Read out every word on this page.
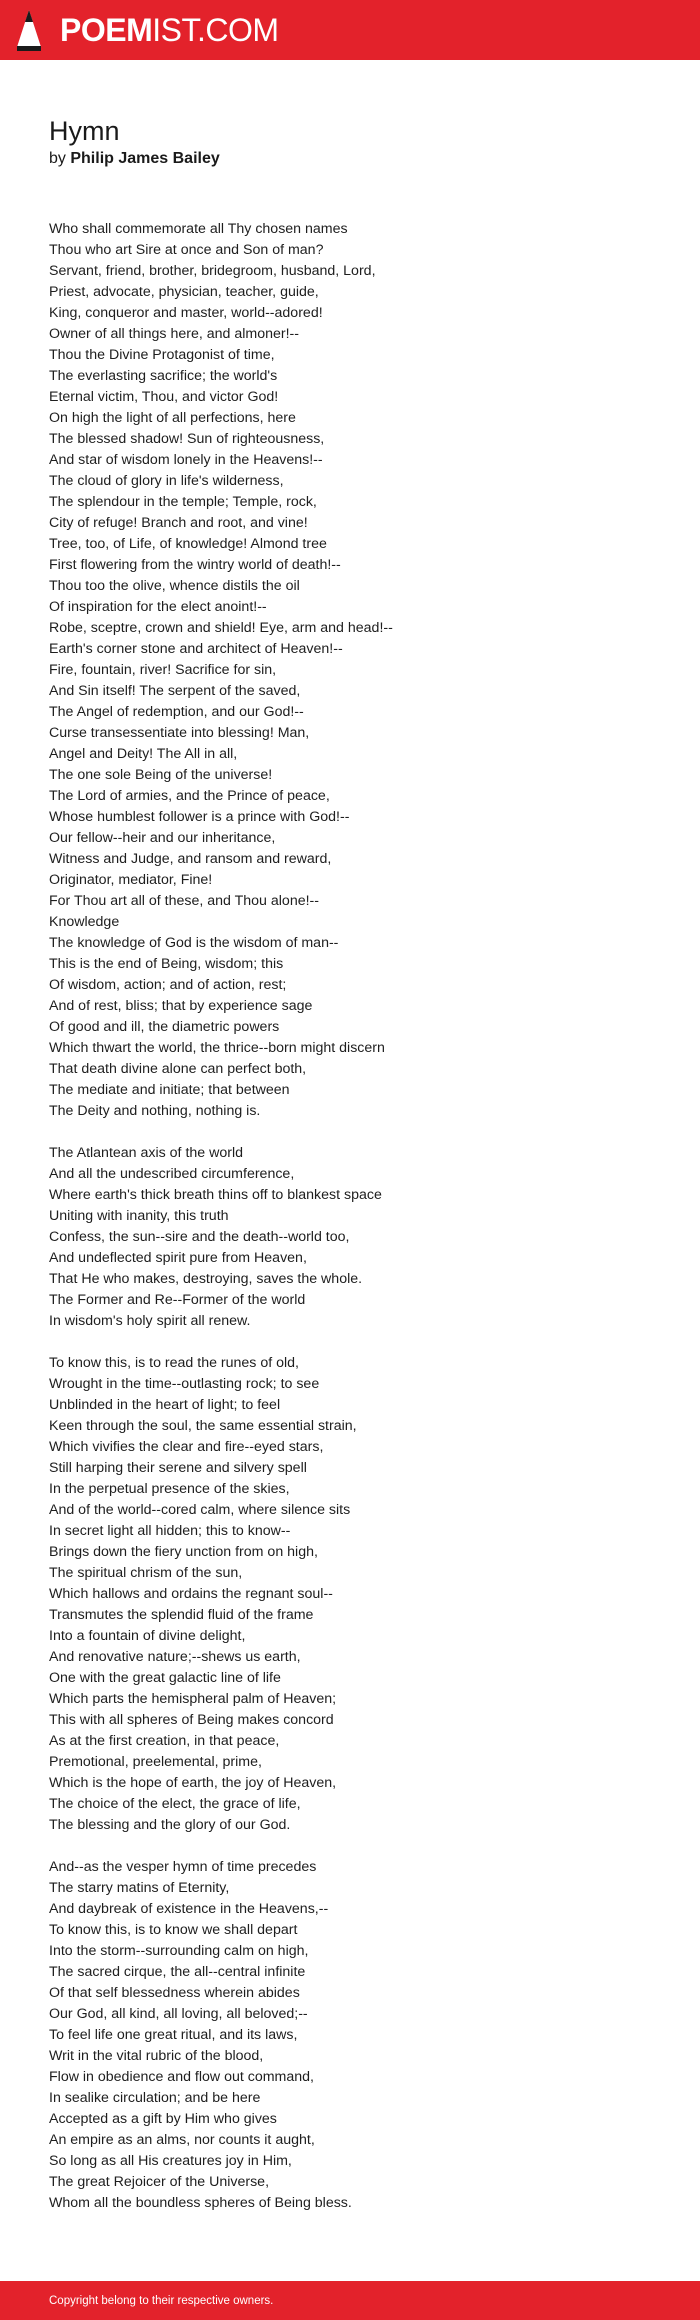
POEMIST.COM
Hymn
by Philip James Bailey
Who shall commemorate all Thy chosen names
Thou who art Sire at once and Son of man?
Servant, friend, brother, bridegroom, husband, Lord,
Priest, advocate, physician, teacher, guide,
King, conqueror and master, world--adored!
Owner of all things here, and almoner!--
Thou the Divine Protagonist of time,
The everlasting sacrifice; the world's
Eternal victim, Thou, and victor God!
On high the light of all perfections, here
The blessed shadow! Sun of righteousness,
And star of wisdom lonely in the Heavens!--
The cloud of glory in life's wilderness,
The splendour in the temple; Temple, rock,
City of refuge! Branch and root, and vine!
Tree, too, of Life, of knowledge! Almond tree
First flowering from the wintry world of death!--
Thou too the olive, whence distils the oil
Of inspiration for the elect anoint!--
Robe, sceptre, crown and shield! Eye, arm and head!--
Earth's corner stone and architect of Heaven!--
Fire, fountain, river! Sacrifice for sin,
And Sin itself! The serpent of the saved,
The Angel of redemption, and our God!--
Curse transessentiate into blessing! Man,
Angel and Deity! The All in all,
The one sole Being of the universe!
The Lord of armies, and the Prince of peace,
Whose humblest follower is a prince with God!--
Our fellow--heir and our inheritance,
Witness and Judge, and ransom and reward,
Originator, mediator, Fine!
For Thou art all of these, and Thou alone!--
Knowledge
The knowledge of God is the wisdom of man--
This is the end of Being, wisdom; this
Of wisdom, action; and of action, rest;
And of rest, bliss; that by experience sage
Of good and ill, the diametric powers
Which thwart the world, the thrice--born might discern
That death divine alone can perfect both,
The mediate and initiate; that between
The Deity and nothing, nothing is.
The Atlantean axis of the world
And all the undescribed circumference,
Where earth's thick breath thins off to blankest space
Uniting with inanity, this truth
Confess, the sun--sire and the death--world too,
And undeflected spirit pure from Heaven,
That He who makes, destroying, saves the whole.
The Former and Re--Former of the world
In wisdom's holy spirit all renew.
To know this, is to read the runes of old,
Wrought in the time--outlasting rock; to see
Unblinded in the heart of light; to feel
Keen through the soul, the same essential strain,
Which vivifies the clear and fire--eyed stars,
Still harping their serene and silvery spell
In the perpetual presence of the skies,
And of the world--cored calm, where silence sits
In secret light all hidden; this to know--
Brings down the fiery unction from on high,
The spiritual chrism of the sun,
Which hallows and ordains the regnant soul--
Transmutes the splendid fluid of the frame
Into a fountain of divine delight,
And renovative nature;--shews us earth,
One with the great galactic line of life
Which parts the hemispheral palm of Heaven;
This with all spheres of Being makes concord
As at the first creation, in that peace,
Premotional, preelemental, prime,
Which is the hope of earth, the joy of Heaven,
The choice of the elect, the grace of life,
The blessing and the glory of our God.
And--as the vesper hymn of time precedes
The starry matins of Eternity,
And daybreak of existence in the Heavens,--
To know this, is to know we shall depart
Into the storm--surrounding calm on high,
The sacred cirque, the all--central infinite
Of that self blessedness wherein abides
Our God, all kind, all loving, all beloved;--
To feel life one great ritual, and its laws,
Writ in the vital rubric of the blood,
Flow in obedience and flow out command,
In sealike circulation; and be here
Accepted as a gift by Him who gives
An empire as an alms, nor counts it aught,
So long as all His creatures joy in Him,
The great Rejoicer of the Universe,
Whom all the boundless spheres of Being bless.
Copyright belong to their respective owners.
